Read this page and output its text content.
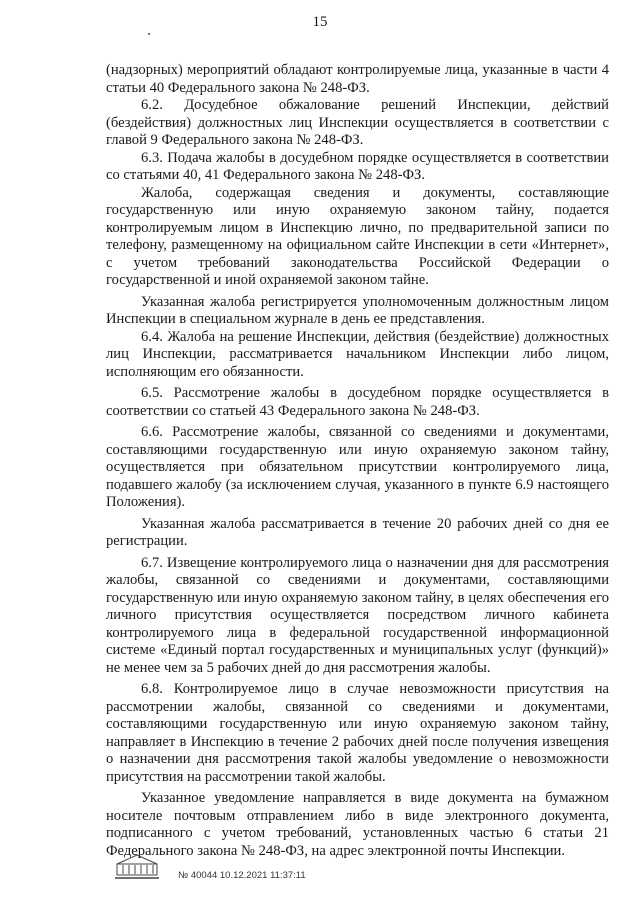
15

(надзорных) мероприятий обладают контролируемые лица, указанные в части 4 статьи 40 Федерального закона № 248-ФЗ.

6.2. Досудебное обжалование решений Инспекции, действий (бездействия) должностных лиц Инспекции осуществляется в соответствии с главой 9 Федерального закона № 248-ФЗ.

6.3. Подача жалобы в досудебном порядке осуществляется в соответствии со статьями 40, 41 Федерального закона № 248-ФЗ.

Жалоба, содержащая сведения и документы, составляющие государственную или иную охраняемую законом тайну, подается контролируемым лицом в Инспекцию лично, по предварительной записи по телефону, размещенному на официальном сайте Инспекции в сети «Интернет», с учетом требований законодательства Российской Федерации о государственной и иной охраняемой законом тайне.

Указанная жалоба регистрируется уполномоченным должностным лицом Инспекции в специальном журнале в день ее представления.

6.4. Жалоба на решение Инспекции, действия (бездействие) должностных лиц Инспекции, рассматривается начальником Инспекции либо лицом, исполняющим его обязанности.

6.5. Рассмотрение жалобы в досудебном порядке осуществляется в соответствии со статьей 43 Федерального закона № 248-ФЗ.

6.6. Рассмотрение жалобы, связанной со сведениями и документами, составляющими государственную или иную охраняемую законом тайну, осуществляется при обязательном присутствии контролируемого лица, подавшего жалобу (за исключением случая, указанного в пункте 6.9 настоящего Положения).

Указанная жалоба рассматривается в течение 20 рабочих дней со дня ее регистрации.

6.7. Извещение контролируемого лица о назначении дня для рассмотрения жалобы, связанной со сведениями и документами, составляющими государственную или иную охраняемую законом тайну, в целях обеспечения его личного присутствия осуществляется посредством личного кабинета контролируемого лица в федеральной государственной информационной системе «Единый портал государственных и муниципальных услуг (функций)» не менее чем за 5 рабочих дней до дня рассмотрения жалобы.

6.8. Контролируемое лицо в случае невозможности присутствия на рассмотрении жалобы, связанной со сведениями и документами, составляющими государственную или иную охраняемую законом тайну, направляет в Инспекцию в течение 2 рабочих дней после получения извещения о назначении дня рассмотрения такой жалобы уведомление о невозможности присутствия на рассмотрении такой жалобы.

Указанное уведомление направляется в виде документа на бумажном носителе почтовым отправлением либо в виде электронного документа, подписанного с учетом требований, установленных частью 6 статьи 21 Федерального закона № 248-ФЗ, на адрес электронной почты Инспекции.

№ 40044 10.12.2021 11:37:11
